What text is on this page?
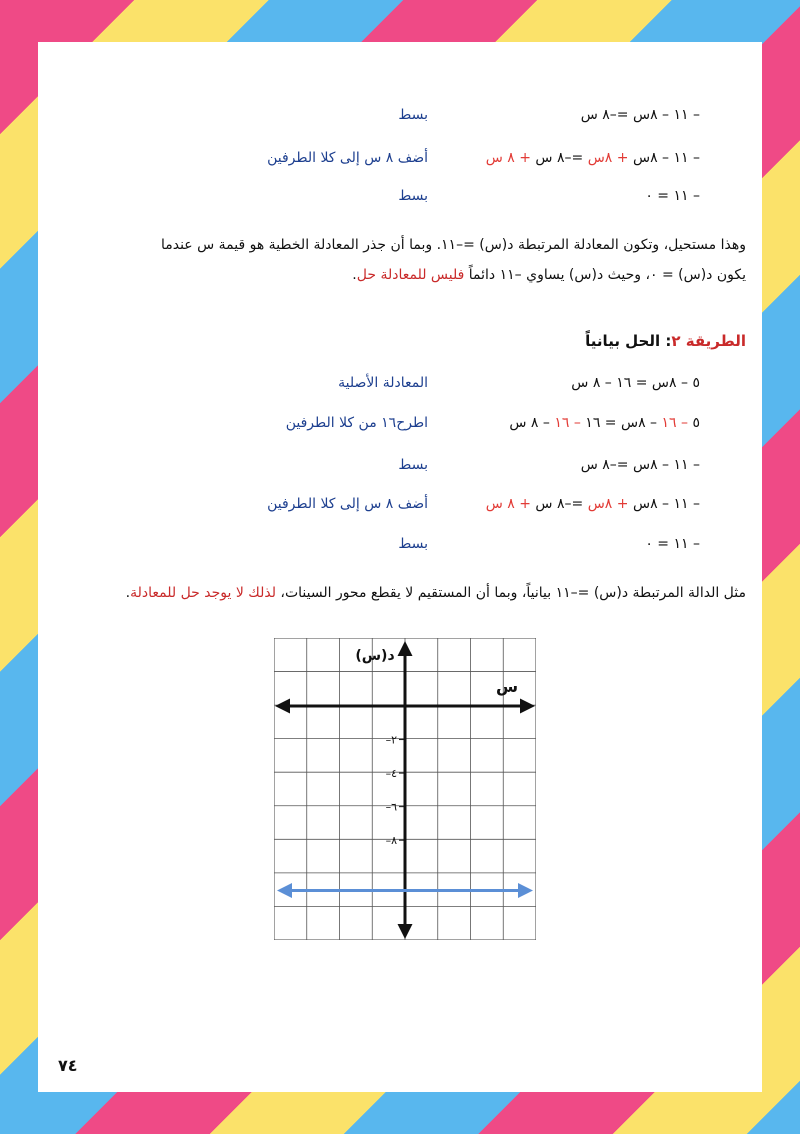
– ١١ – ٨س =–٨ س
بسط
– ١١ – ٨س + ٨س =–٨ س + ٨ س
أضف ٨ س إلى كلا الطرفين
– ١١ = ٠
بسط
وهذا مستحيل، وتكون المعادلة المرتبطة د(س) =–١١. وبما أن جذر المعادلة الخطية هو قيمة س عندما
يكون د(س) = ٠، وحيث د(س) يساوي –١١ دائماً فليس للمعادلة حل.
الطريقة ٢: الحل بيانياً
٥ – ٨س = ١٦ – ٨ س
المعادلة الأصلية
٥ – ١٦ – ٨س = ١٦ – ١٦ – ٨ س
اطرح١٦ من كلا الطرفين
– ١١ – ٨س =–٨ س
بسط
– ١١ – ٨س + ٨س =–٨ س + ٨ س
أضف ٨ س إلى كلا الطرفين
– ١١ = ٠
بسط
مثل الدالة المرتبطة د(س) =–١١ بيانياً، وبما أن المستقيم لا يقطع محور السينات، لذلك لا يوجد حل للمعادلة.
س
د(س)
–٢
–٤
–٦
–٨
٧٤
